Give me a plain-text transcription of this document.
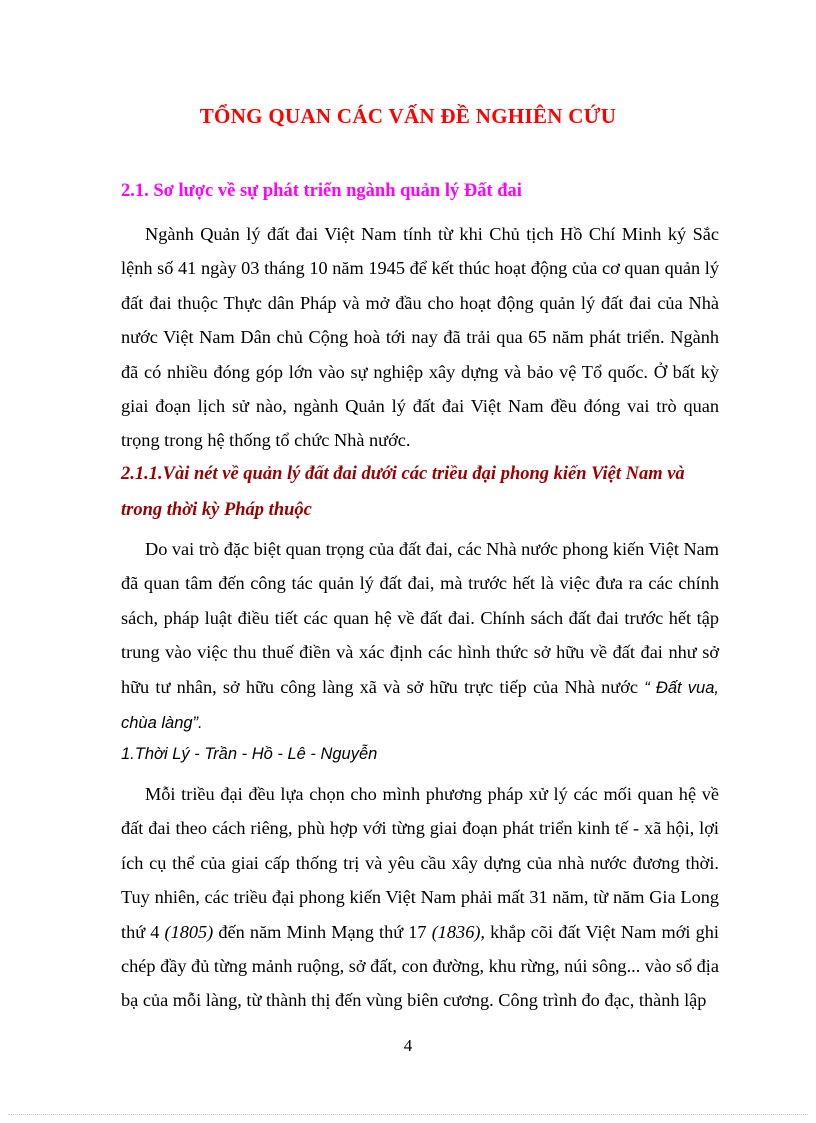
TỔNG QUAN CÁC VẤN ĐỀ NGHIÊN CỨU
2.1. Sơ lược về sự phát triển ngành quản lý Đất đai

Ngành Quản lý đất đai Việt Nam tính từ khi Chủ tịch Hồ Chí Minh ký Sắc lệnh số 41 ngày 03 tháng 10 năm 1945 để kết thúc hoạt động của cơ quan quản lý đất đai thuộc Thực dân Pháp và mở đầu cho hoạt động quản lý đất đai của Nhà nước Việt Nam Dân chủ Cộng hoà tới nay đã trải qua 65 năm phát triển. Ngành đã có nhiều đóng góp lớn vào sự nghiệp xây dựng và bảo vệ Tổ quốc. Ở bất kỳ giai đoạn lịch sử nào, ngành Quản lý đất đai Việt Nam đều đóng vai trò quan trọng trong hệ thống tổ chức Nhà nước.

2.1.1.Vài nét về quản lý đất đai dưới các triều đại phong kiến Việt Nam và trong thời kỳ Pháp thuộc

Do vai trò đặc biệt quan trọng của đất đai, các Nhà nước phong kiến Việt Nam đã quan tâm đến công tác quản lý đất đai, mà trước hết là việc đưa ra các chính sách, pháp luật điều tiết các quan hệ về đất đai. Chính sách đất đai trước hết tập trung vào việc thu thuế điền và xác định các hình thức sở hữu về đất đai như sở hữu tư nhân, sở hữu công làng xã và sở hữu trực tiếp của Nhà nước “ Đất vua, chùa làng”.

1.Thời Lý - Trần - Hồ - Lê - Nguyễn

Mỗi triều đại đều lựa chọn cho mình phương pháp xử lý các mối quan hệ về đất đai theo cách riêng, phù hợp với từng giai đoạn phát triển kinh tế - xã hội, lợi ích cụ thể của giai cấp thống trị và yêu cầu xây dựng của nhà nước đương thời. Tuy nhiên, các triều đại phong kiến Việt Nam phải mất 31 năm, từ năm Gia Long thứ 4 (1805) đến năm Minh Mạng thứ 17 (1836), khắp cõi đất Việt Nam mới ghi chép đầy đủ từng mảnh ruộng, sở đất, con đường, khu rừng, núi sông... vào sổ địa bạ của mỗi làng, từ thành thị đến vùng biên cương. Công trình đo đạc, thành lập

4
